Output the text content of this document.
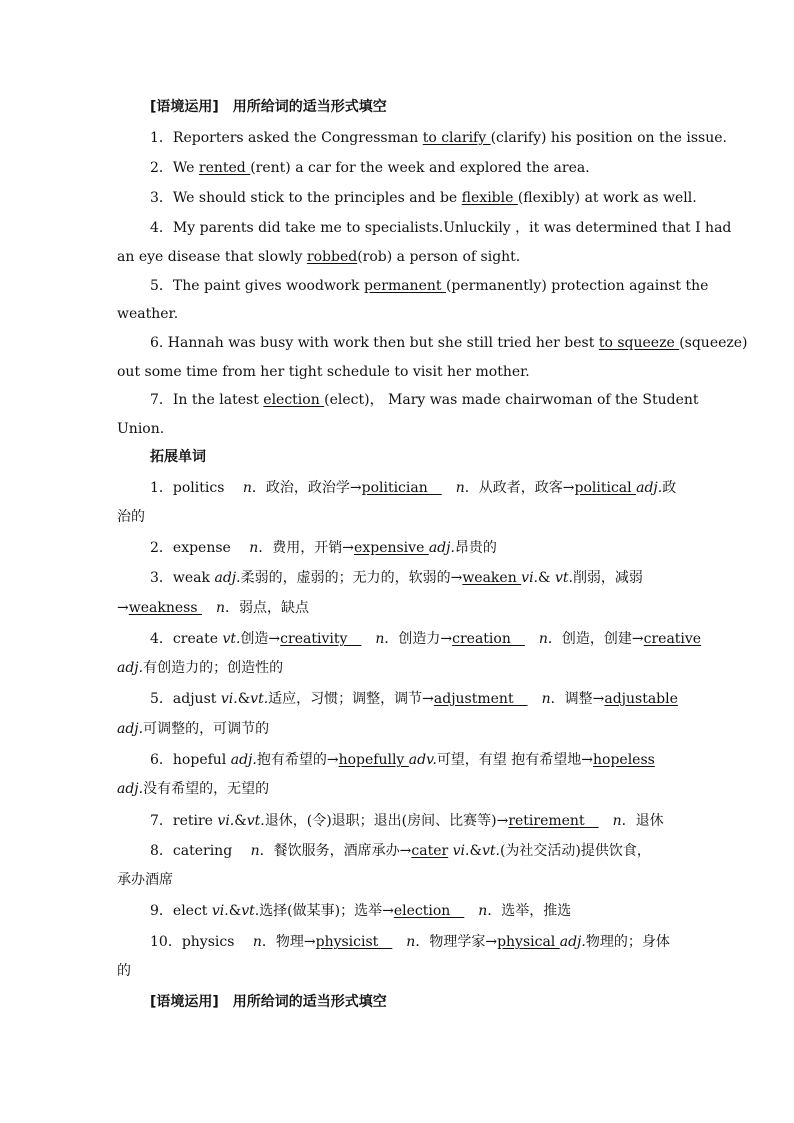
[语境运用]　用所给词的适当形式填空
1．Reporters asked the Congressman to clarify (clarify) his position on the issue.
2．We rented (rent) a car for the week and explored the area.
3．We should stick to the principles and be flexible (flexibly) at work as well.
4．My parents did take me to specialists.Unluckily ，it was determined that I had
an eye disease that slowly robbed(rob) a person of sight.
5．The paint gives woodwork permanent (permanently) protection against the
weather.
6. Hannah was busy with work then but she still tried her best to squeeze (squeeze)
out some time from her tight schedule to visit her mother.
7．In the latest election (elect)， Mary was made chairwoman of the Student
Union.
拓展单词
1．politics　 n．政治，政治学→politician　　n．从政者，政客→political adj.政
治的
2．expense　 n．费用，开销→expensive adj.昂贵的
3．weak adj.柔弱的，虚弱的；无力的，软弱的→weaken vi.& vt.削弱，减弱
→weakness 　n．弱点，缺点
4．create vt.创造→creativity　　n．创造力→creation　　n．创造，创建→creative
adj.有创造力的；创造性的
5．adjust vi.&vt.适应，习惯；调整，调节→adjustment　　n．调整→adjustable
adj.可调整的，可调节的
6．hopeful adj.抱有希望的→hopefully adv.可望，有望 抱有希望地→hopeless
adj.没有希望的，无望的
7．retire vi.&vt.退休，(令)退职；退出(房间、比赛等)→retirement　　n．退休
8．catering　 n．餐饮服务，酒席承办→cater vi.&vt.(为社交活动)提供饮食，
承办酒席
9．elect vi.&vt.选择(做某事)；选举→election　　n．选举，推选
10．physics　 n．物理→physicist　　n．物理学家→physical adj.物理的；身体
的
[语境运用]　用所给词的适当形式填空
